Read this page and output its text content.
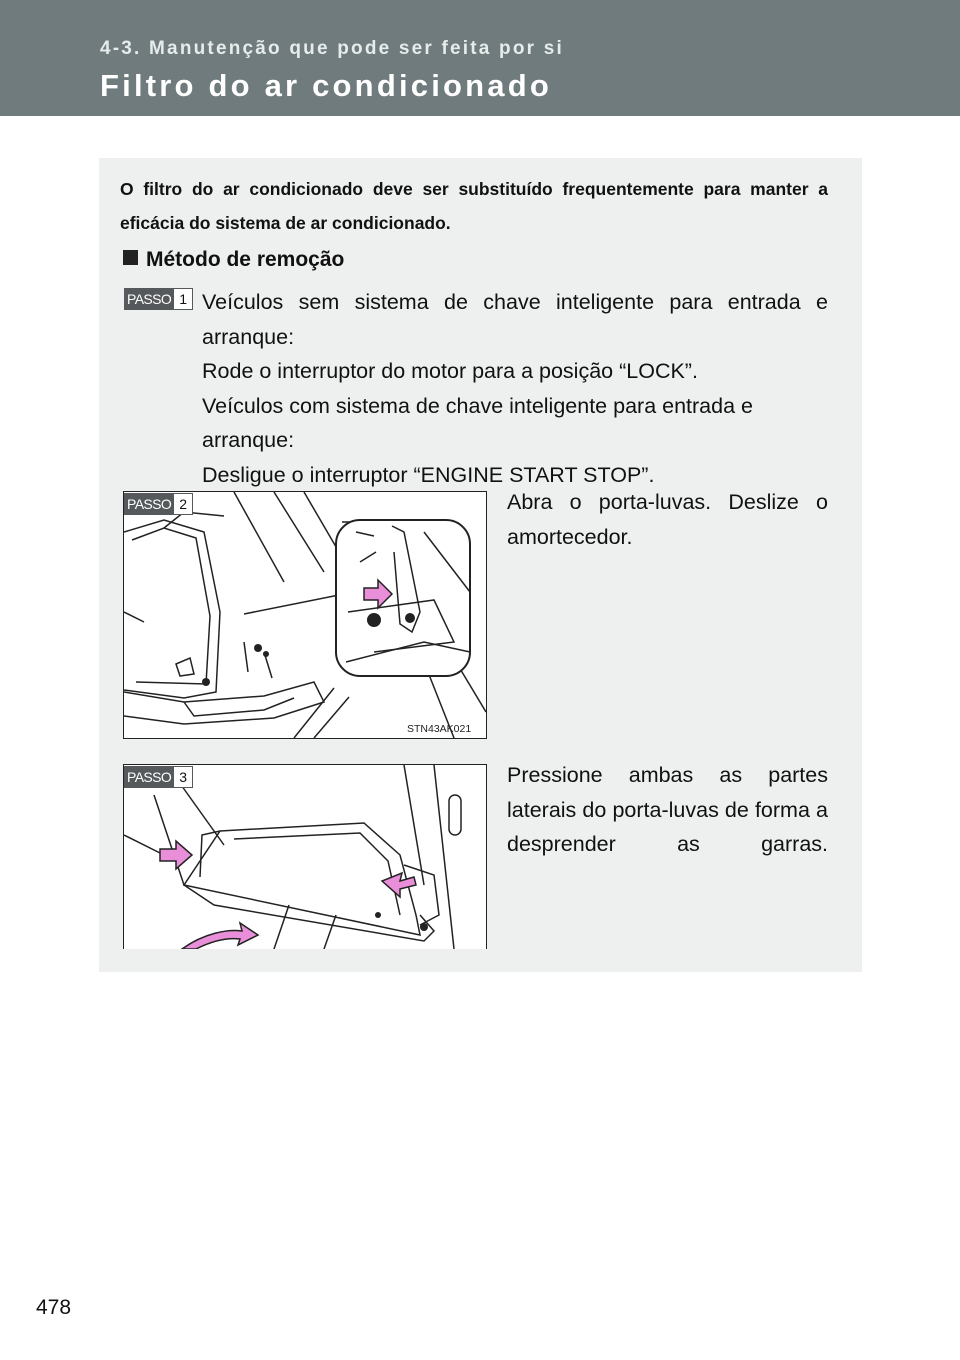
4-3. Manutenção que pode ser feita por si
Filtro do ar condicionado
O filtro do ar condicionado deve ser substituído frequentemente para manter a eficácia do sistema de ar condicionado.
Método de remoção
PASSO 1 Veículos sem sistema de chave inteligente para entrada e

arranque:

Rode o interruptor do motor para a posição “LOCK”.

Veículos com sistema de chave inteligente para entrada e

arranque:

Desligue o interruptor “ENGINE START STOP”.

PASSO 2
STN43AK021
Abra o porta-luvas. Deslize o amortecedor.
PASSO 3	Pressione ambas as partes laterais do porta-luvas de forma a desprender as garras.
478
